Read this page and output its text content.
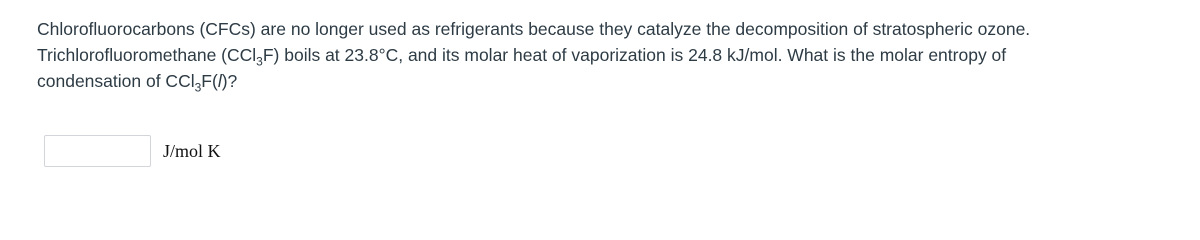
Chlorofluorocarbons (CFCs) are no longer used as refrigerants because they catalyze the decomposition of stratospheric ozone.
Trichlorofluoromethane (CCl$_3$F) boils at 23.8°C, and its molar heat of vaporization is 24.8 kJ/mol. What is the molar entropy of
condensation of CCl$_3$F(l)?
J/mol K
